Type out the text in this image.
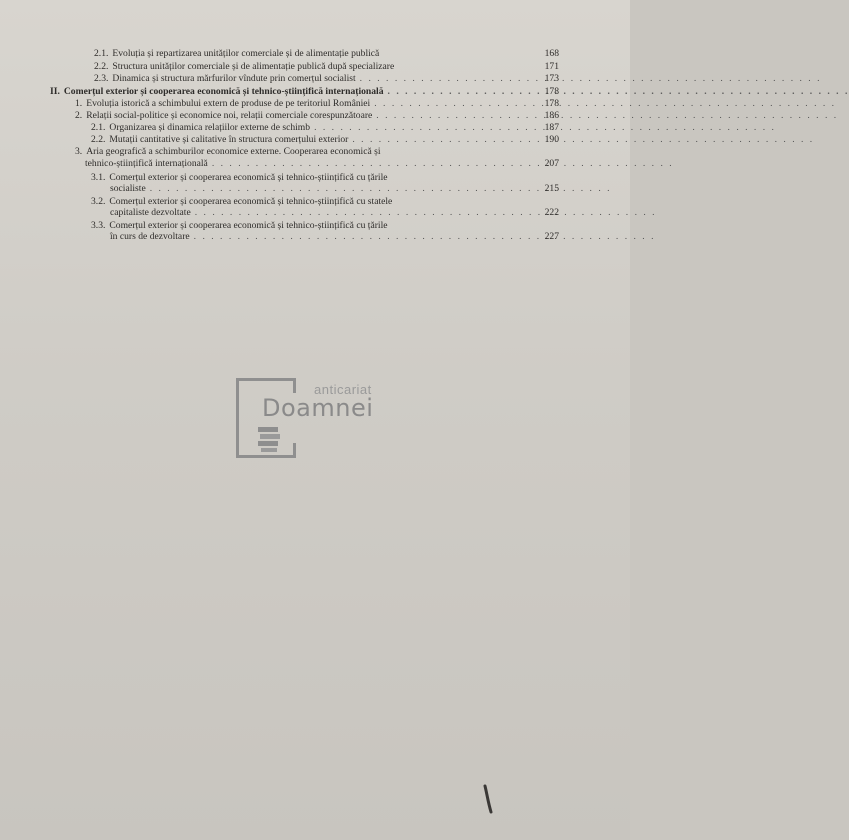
2.1. Evoluția și repartizarea unităților comerciale și de alimentație publică	168
2.2. Structura unităților comerciale și de alimentație publică după specializare	171
2.3. Dinamica și structura mărfurilor vîndute prin comerțul socialist . . .	173
II. Comerțul exterior și cooperarea economică și tehnico-științifică internațională . . .	178
1. Evoluția istorică a schimbului extern de produse de pe teritoriul României . . .	178
2. Relații social-politice și economice noi, relații comerciale corespunzătoare . . .	186
2.1. Organizarea și dinamica relațiilor externe de schimb . . .	187
2.2. Mutații cantitative și calitative în structura comerțului exterior . . .	190
3. Aria geografică a schimburilor economice externe. Cooperarea economică și
tehnico-științifică internațională . . .	207
3.1. Comerțul exterior și cooperarea economică și tehnico-științifică cu țările
socialiste . . .	215
3.2. Comerțul exterior și cooperarea economică și tehnico-științifică cu statele
capitaliste dezvoltate . . .	222
3.3. Comerțul exterior și cooperarea economică și tehnico-științifică cu țările
în curs de dezvoltare . . .	227
anticariat
Doamnei
